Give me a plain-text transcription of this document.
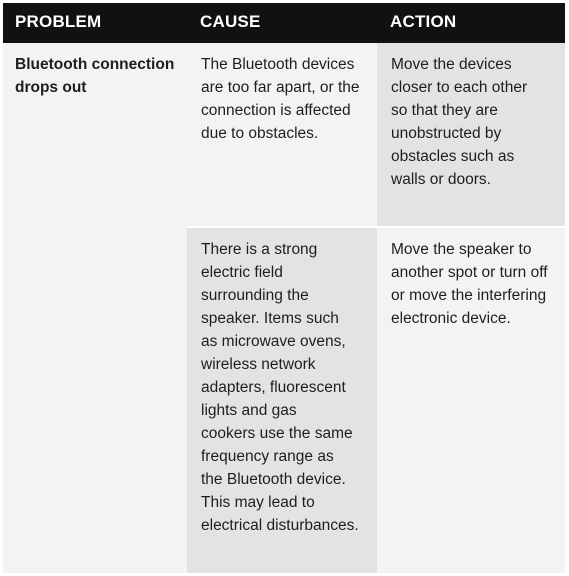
PROBLEM	CAUSE	ACTION
Bluetooth connection
drops out
The Bluetooth devices
are too far apart, or the
connection is affected
due to obstacles.
Move the devices
closer to each other
so that they are
unobstructed by
obstacles such as
walls or doors.
There is a strong
electric field
surrounding the
speaker. Items such
as microwave ovens,
wireless network
adapters, fluorescent
lights and gas
cookers use the same
frequency range as
the Bluetooth device.
This may lead to
electrical disturbances.
Move the speaker to
another spot or turn off
or move the interfering
electronic device.
